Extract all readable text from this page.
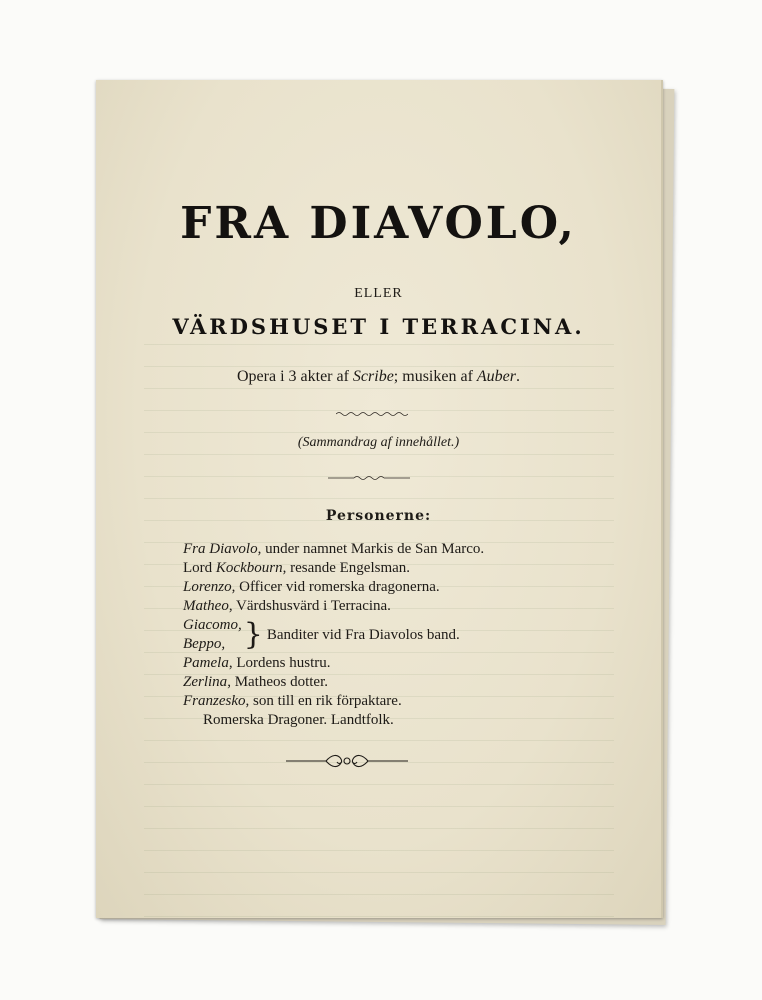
FRA DIAVOLO,
ELLER
VÄRDSHUSET I TERRACINA.
Opera i 3 akter af Scribe; musiken af Auber.
(Sammandrag af innehållet.)
Personerne:
Fra Diavolo, under namnet Markis de San Marco.
Lord Kockbourn, resande Engelsman.
Lorenzo, Officer vid romerska dragonerna.
Matheo, Värdshusvärd i Terracina.
Giacomo,
Beppo, } Banditer vid Fra Diavolos band.
Pamela, Lordens hustru.
Zerlina, Matheos dotter.
Franzesko, son till en rik förpaktare.
Romerska Dragoner. Landtfolk.
